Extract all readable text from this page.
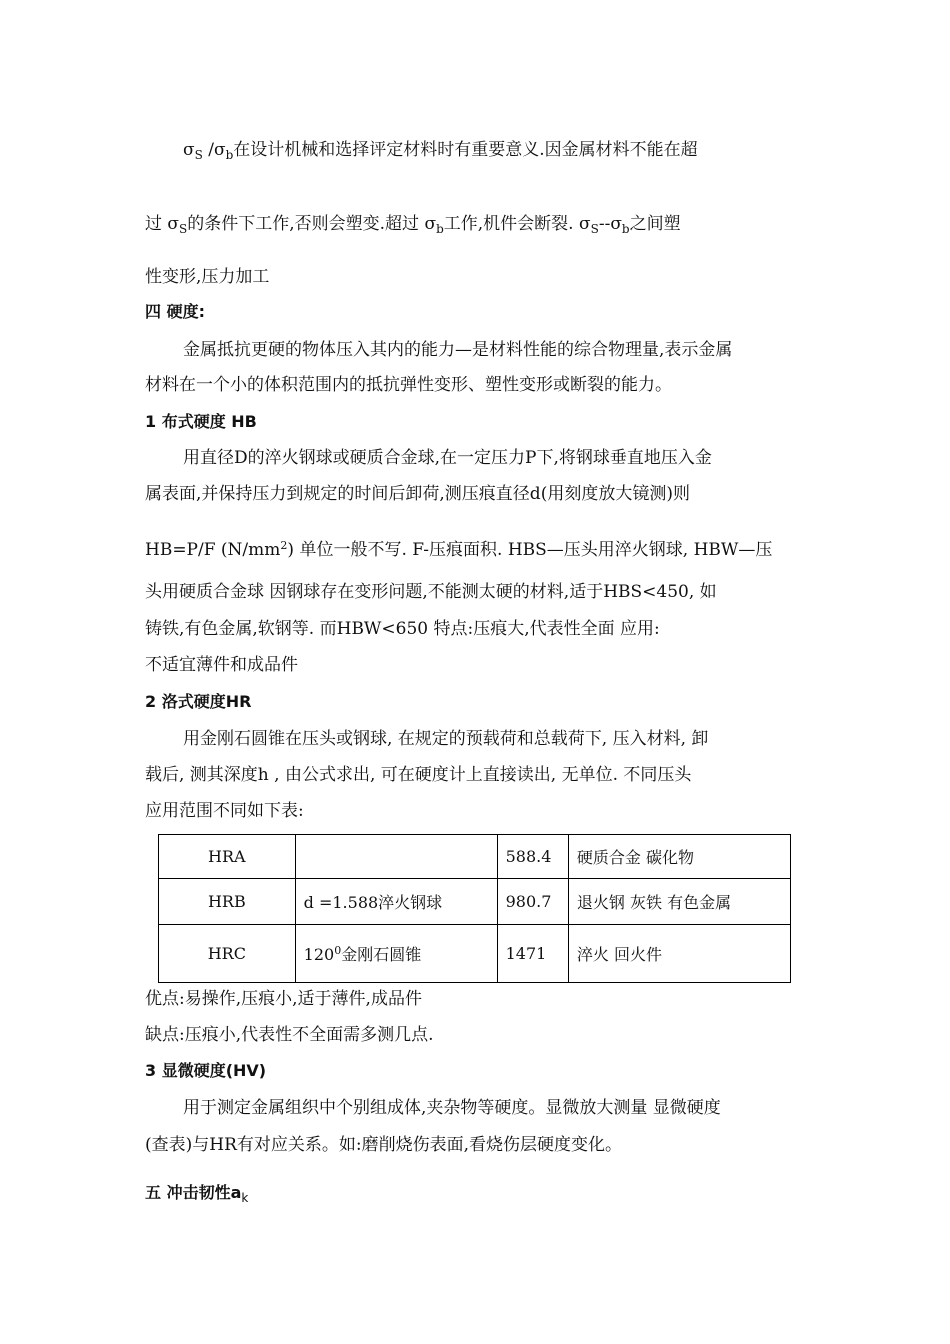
$\sigma_S$ $/\sigma_b$在设计机械和选择评定材料时有重要意义.因金属材料不能在超
过 $\sigma_S$的条件下工作,否则会塑变.超过 $\sigma_b$工作,机件会断裂. $\sigma_S--\sigma_b$之间塑
性变形,压力加工
四 硬度:
金属抵抗更硬的物体压入其内的能力—是材料性能的综合物理量,表示金属
材料在一个小的体积范围内的抵抗弹性变形、塑性变形或断裂的能力。
1 布式硬度 HB
用直径D的淬火钢球或硬质合金球,在一定压力P下,将钢球垂直地压入金
属表面,并保持压力到规定的时间后卸荷,测压痕直径d(用刻度放大镜测)则
HB=P/F $(N/mm^2)$ 单位一般不写. F-压痕面积. HBS—压头用淬火钢球, HBW—压
头用硬质合金球 因钢球存在变形问题,不能测太硬的材料,适于HBS<450, 如
铸铁,有色金属,软钢等. 而HBW<650 特点:压痕大,代表性全面 应用:
不适宜薄件和成品件
2 洛式硬度HR
用金刚石圆锥在压头或钢球, 在规定的预载荷和总载荷下, 压入材料, 卸
载后, 测其深度h , 由公式求出, 可在硬度计上直接读出, 无单位. 不同压头
应用范围不同如下表:
HRA		588.4	硬质合金 碳化物
HRB	d =1.588淬火钢球	980.7	退火钢 灰铁 有色金属
HRC	$120^0$金刚石圆锥	1471	淬火 回火件
优点:易操作,压痕小,适于薄件,成品件
缺点:压痕小,代表性不全面需多测几点.
3 显微硬度(HV)
用于测定金属组织中个别组成体,夹杂物等硬度。显微放大测量 显微硬度
(查表)与HR有对应关系。如:磨削烧伤表面,看烧伤层硬度变化。
五 冲击韧性$a_k$
